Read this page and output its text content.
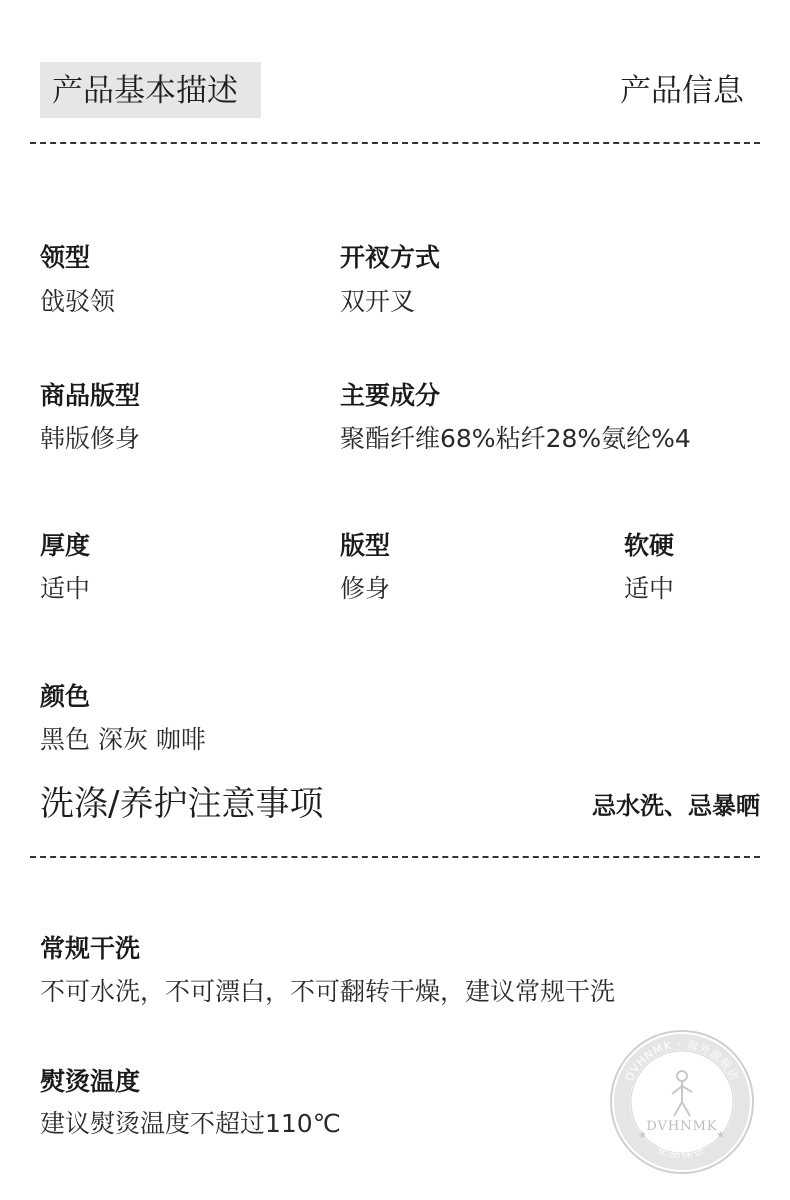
产品基本描述	产品信息
领型
戗驳领
开衩方式
双开叉
商品版型
韩版修身
主要成分
聚酯纤维68%粘纤28%氨纶%4
厚度
适中
版型
修身
软硬
适中
颜色
黑色 深灰 咖啡
洗涤/养护注意事项	忌水洗、忌暴晒
常规干洗
不可水洗，不可漂白，不可翻转干燥，建议常规干洗
熨烫温度
建议熨烫温度不超过110℃
DVHNMK · 海外旗舰店
正品保证
DVHNMK
★	★
